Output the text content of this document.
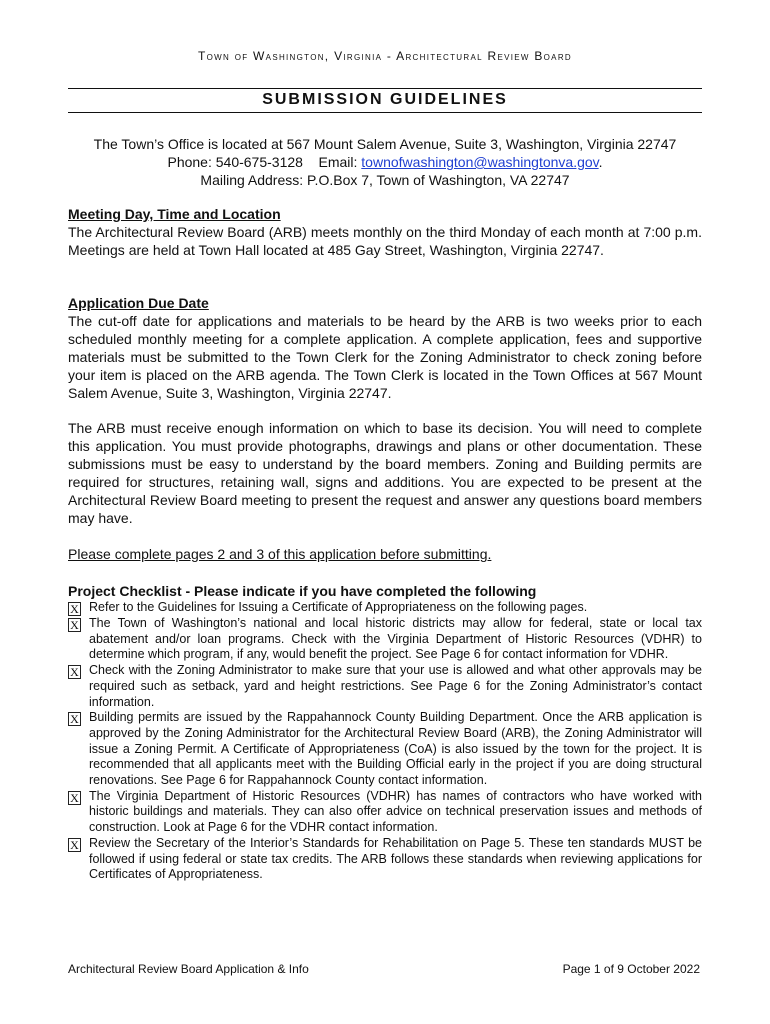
Town of Washington, Virginia - Architectural Review Board
SUBMISSION GUIDELINES
The Town’s Office is located at 567 Mount Salem Avenue, Suite 3, Washington, Virginia 22747
Phone: 540-675-3128 Email: townofwashington@washingtonva.gov.
Mailing Address: P.O.Box 7, Town of Washington, VA 22747
Meeting Day, Time and Location

The Architectural Review Board (ARB) meets monthly on the third Monday of each month at 7:00 p.m. Meetings are held at Town Hall located at 485 Gay Street, Washington, Virginia 22747.

Application Due Date

The cut-off date for applications and materials to be heard by the ARB is two weeks prior to each scheduled monthly meeting for a complete application. A complete application, fees and supportive materials must be submitted to the Town Clerk for the Zoning Administrator to check zoning before your item is placed on the ARB agenda. The Town Clerk is located in the Town Offices at 567 Mount Salem Avenue, Suite 3, Washington, Virginia 22747.

The ARB must receive enough information on which to base its decision. You will need to complete this application. You must provide photographs, drawings and plans or other documentation. These submissions must be easy to understand by the board members. Zoning and Building permits are required for structures, retaining wall, signs and additions. You are expected to be present at the Architectural Review Board meeting to present the request and answer any questions board members may have.

Please complete pages 2 and 3 of this application before submitting.
Project Checklist - Please indicate if you have completed the following
X Refer to the Guidelines for Issuing a Certificate of Appropriateness on the following pages.
X The Town of Washington’s national and local historic districts may allow for federal, state or local tax abatement and/or loan programs. Check with the Virginia Department of Historic Resources (VDHR) to determine which program, if any, would benefit the project. See Page 6 for contact information for VDHR.
X Check with the Zoning Administrator to make sure that your use is allowed and what other approvals may be required such as setback, yard and height restrictions. See Page 6 for the Zoning Administrator’s contact information.
X Building permits are issued by the Rappahannock County Building Department. Once the ARB application is approved by the Zoning Administrator for the Architectural Review Board (ARB), the Zoning Administrator will issue a Zoning Permit. A Certificate of Appropriateness (CoA) is also issued by the town for the project. It is recommended that all applicants meet with the Building Official early in the project if you are doing structural renovations. See Page 6 for Rappahannock County contact information.
X The Virginia Department of Historic Resources (VDHR) has names of contractors who have worked with historic buildings and materials. They can also offer advice on technical preservation issues and methods of construction. Look at Page 6 for the VDHR contact information.
X Review the Secretary of the Interior’s Standards for Rehabilitation on Page 5. These ten standards MUST be followed if using federal or state tax credits. The ARB follows these standards when reviewing applications for Certificates of Appropriateness.
Architectural Review Board Application & Info	Page 1 of 9 October 2022
